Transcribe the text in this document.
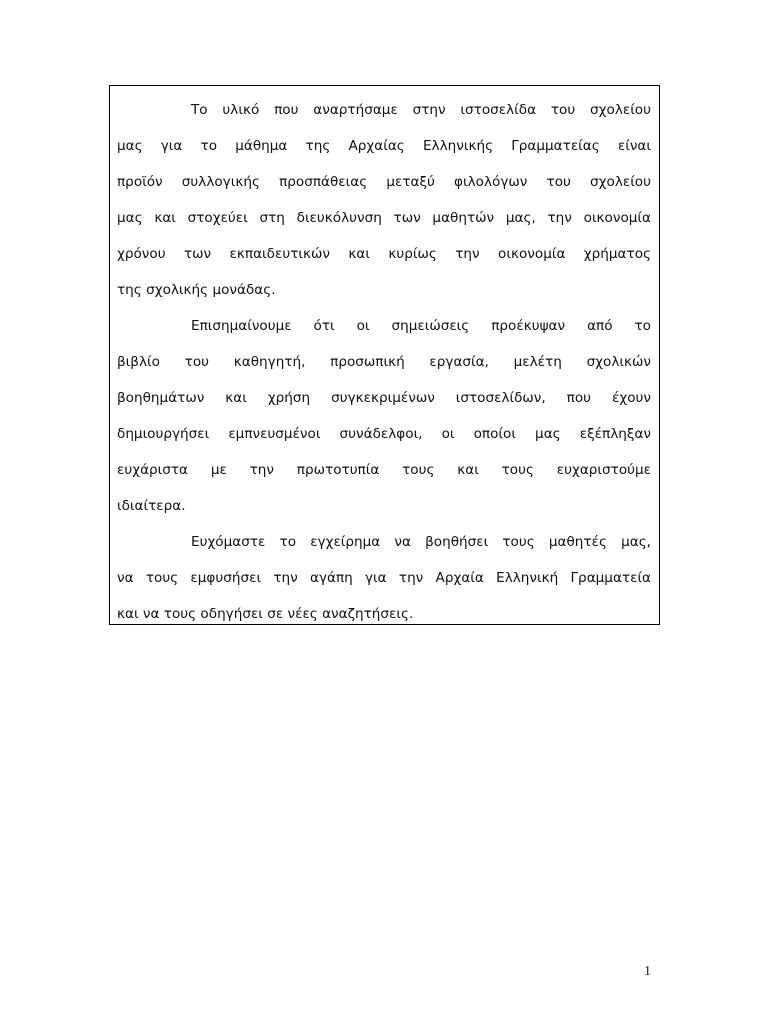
Το υλικό που αναρτήσαμε στην ιστοσελίδα του σχολείου
μας για το μάθημα της Αρχαίας Ελληνικής Γραμματείας είναι
προϊόν συλλογικής προσπάθειας μεταξύ φιλολόγων του σχολείου
μας και στοχεύει στη διευκόλυνση των μαθητών μας, την οικονομία
χρόνου των εκπαιδευτικών και κυρίως την οικονομία χρήματος
της σχολικής μονάδας.
Επισημαίνουμε ότι οι σημειώσεις προέκυψαν από το
βιβλίο του καθηγητή, προσωπική εργασία, μελέτη σχολικών
βοηθημάτων και χρήση συγκεκριμένων ιστοσελίδων, που έχουν
δημιουργήσει εμπνευσμένοι συνάδελφοι, οι οποίοι μας εξέπληξαν
ευχάριστα με την πρωτοτυπία τους και τους ευχαριστούμε
ιδιαίτερα.
Ευχόμαστε το εγχείρημα να βοηθήσει τους μαθητές μας,
να τους εμφυσήσει την αγάπη για την Αρχαία Ελληνική Γραμματεία
και να τους οδηγήσει σε νέες αναζητήσεις.
1
